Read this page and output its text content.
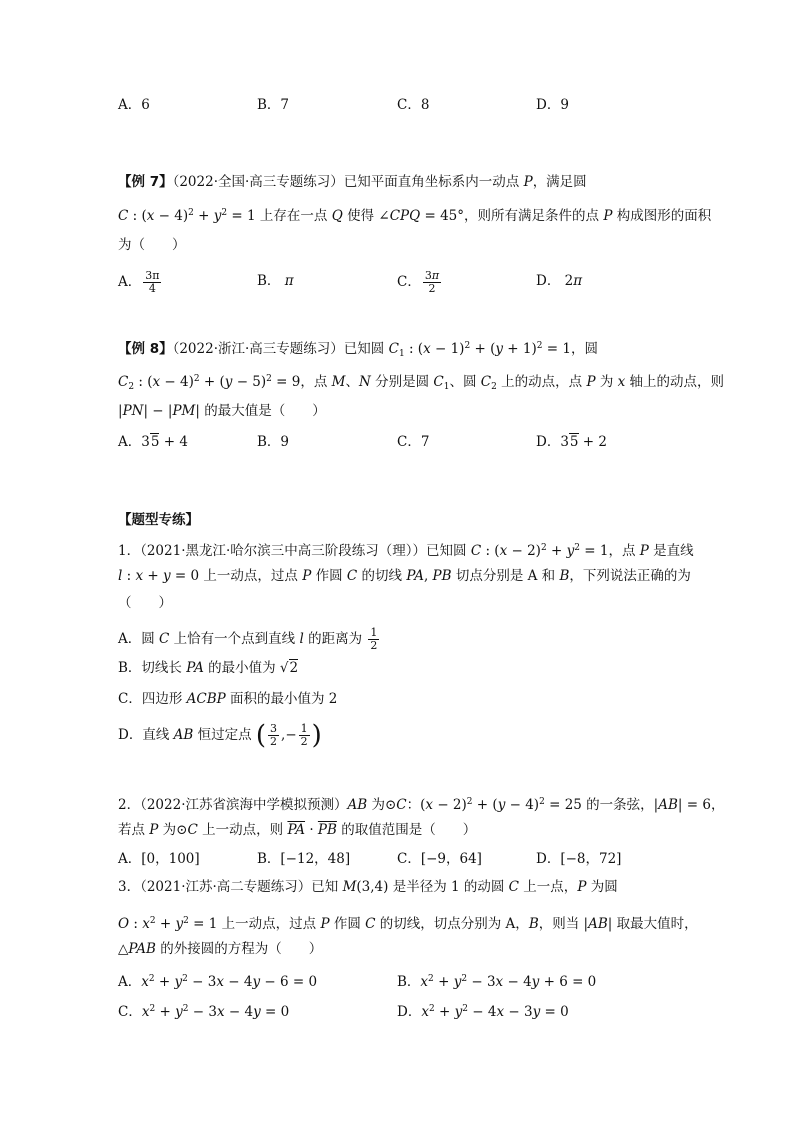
A．6	B．7	C．8	D．9
【例 7】（2022·全国·高三专题练习）已知平面直角坐标系内一动点 P，满足圆
C : $(x - 4)^2 + y^2 = 1$ 上存在一点 Q 使得 ∠CPQ = 45°，则所有满足条件的点 P 构成图形的面积
为（　　）
A． $\frac{3\pi}{4}$	B． π	C． $\frac{3\pi}{2}$	D． 2π
【例 8】（2022·浙江·高三专题练习）已知圆 $C_1$ : $(x - 1)^2 + (y + 1)^2 = 1$，圆
$C_2$ : $(x - 4)^2 + (y - 5)^2 = 9$，点 M、N 分别是圆 $C_1$、圆 $C_2$ 上的动点，点 P 为 x 轴上的动点，则
|PN| − |PM| 的最大值是（　　）
A．35 + 4	B．9	C．7	D．35 + 2
【题型专练】
1．（2021·黑龙江·哈尔滨三中高三阶段练习（理））已知圆 C : $(x - 2)^2 + y^2 = 1$，点 P 是直线
l : x + y = 0 上一动点，过点 P 作圆 C 的切线 PA, PB 切点分别是 A 和 B，下列说法正确的为
（　　）
A．圆 C 上恰有一个点到直线 l 的距离为 $\frac{1}{2}$
B．切线长 PA 的最小值为 √2
C．四边形 ACBP 面积的最小值为 2
D．直线 AB 恒过定点 ( $\frac{3}{2}$ ,− $\frac{1}{2}$ )
2．（2022·江苏省滨海中学模拟预测）AB 为⊙C：$(x - 2)^2 + (y - 4)^2 = 25$ 的一条弦，|AB| = 6，
若点 P 为⊙C 上一动点，则 $\overline{PA} \cdot \overline{PB}$ 的取值范围是（　　）
A．[0，100]	B．[−12，48]	C．[−9，64]	D．[−8，72]
3．（2021·江苏·高二专题练习）已知 M(3,4) 是半径为 1 的动圆 C 上一点，P 为圆
O : $x^2 + y^2 = 1$ 上一动点，过点 P 作圆 C 的切线，切点分别为 A，B，则当 |AB| 取最大值时，
△PAB 的外接圆的方程为（　　）
A．$x^2 + y^2 - 3x - 4y - 6 = 0$	B．$x^2 + y^2 - 3x - 4y + 6 = 0$
C．$x^2 + y^2 - 3x - 4y = 0$	D．$x^2 + y^2 - 4x - 3y = 0$
